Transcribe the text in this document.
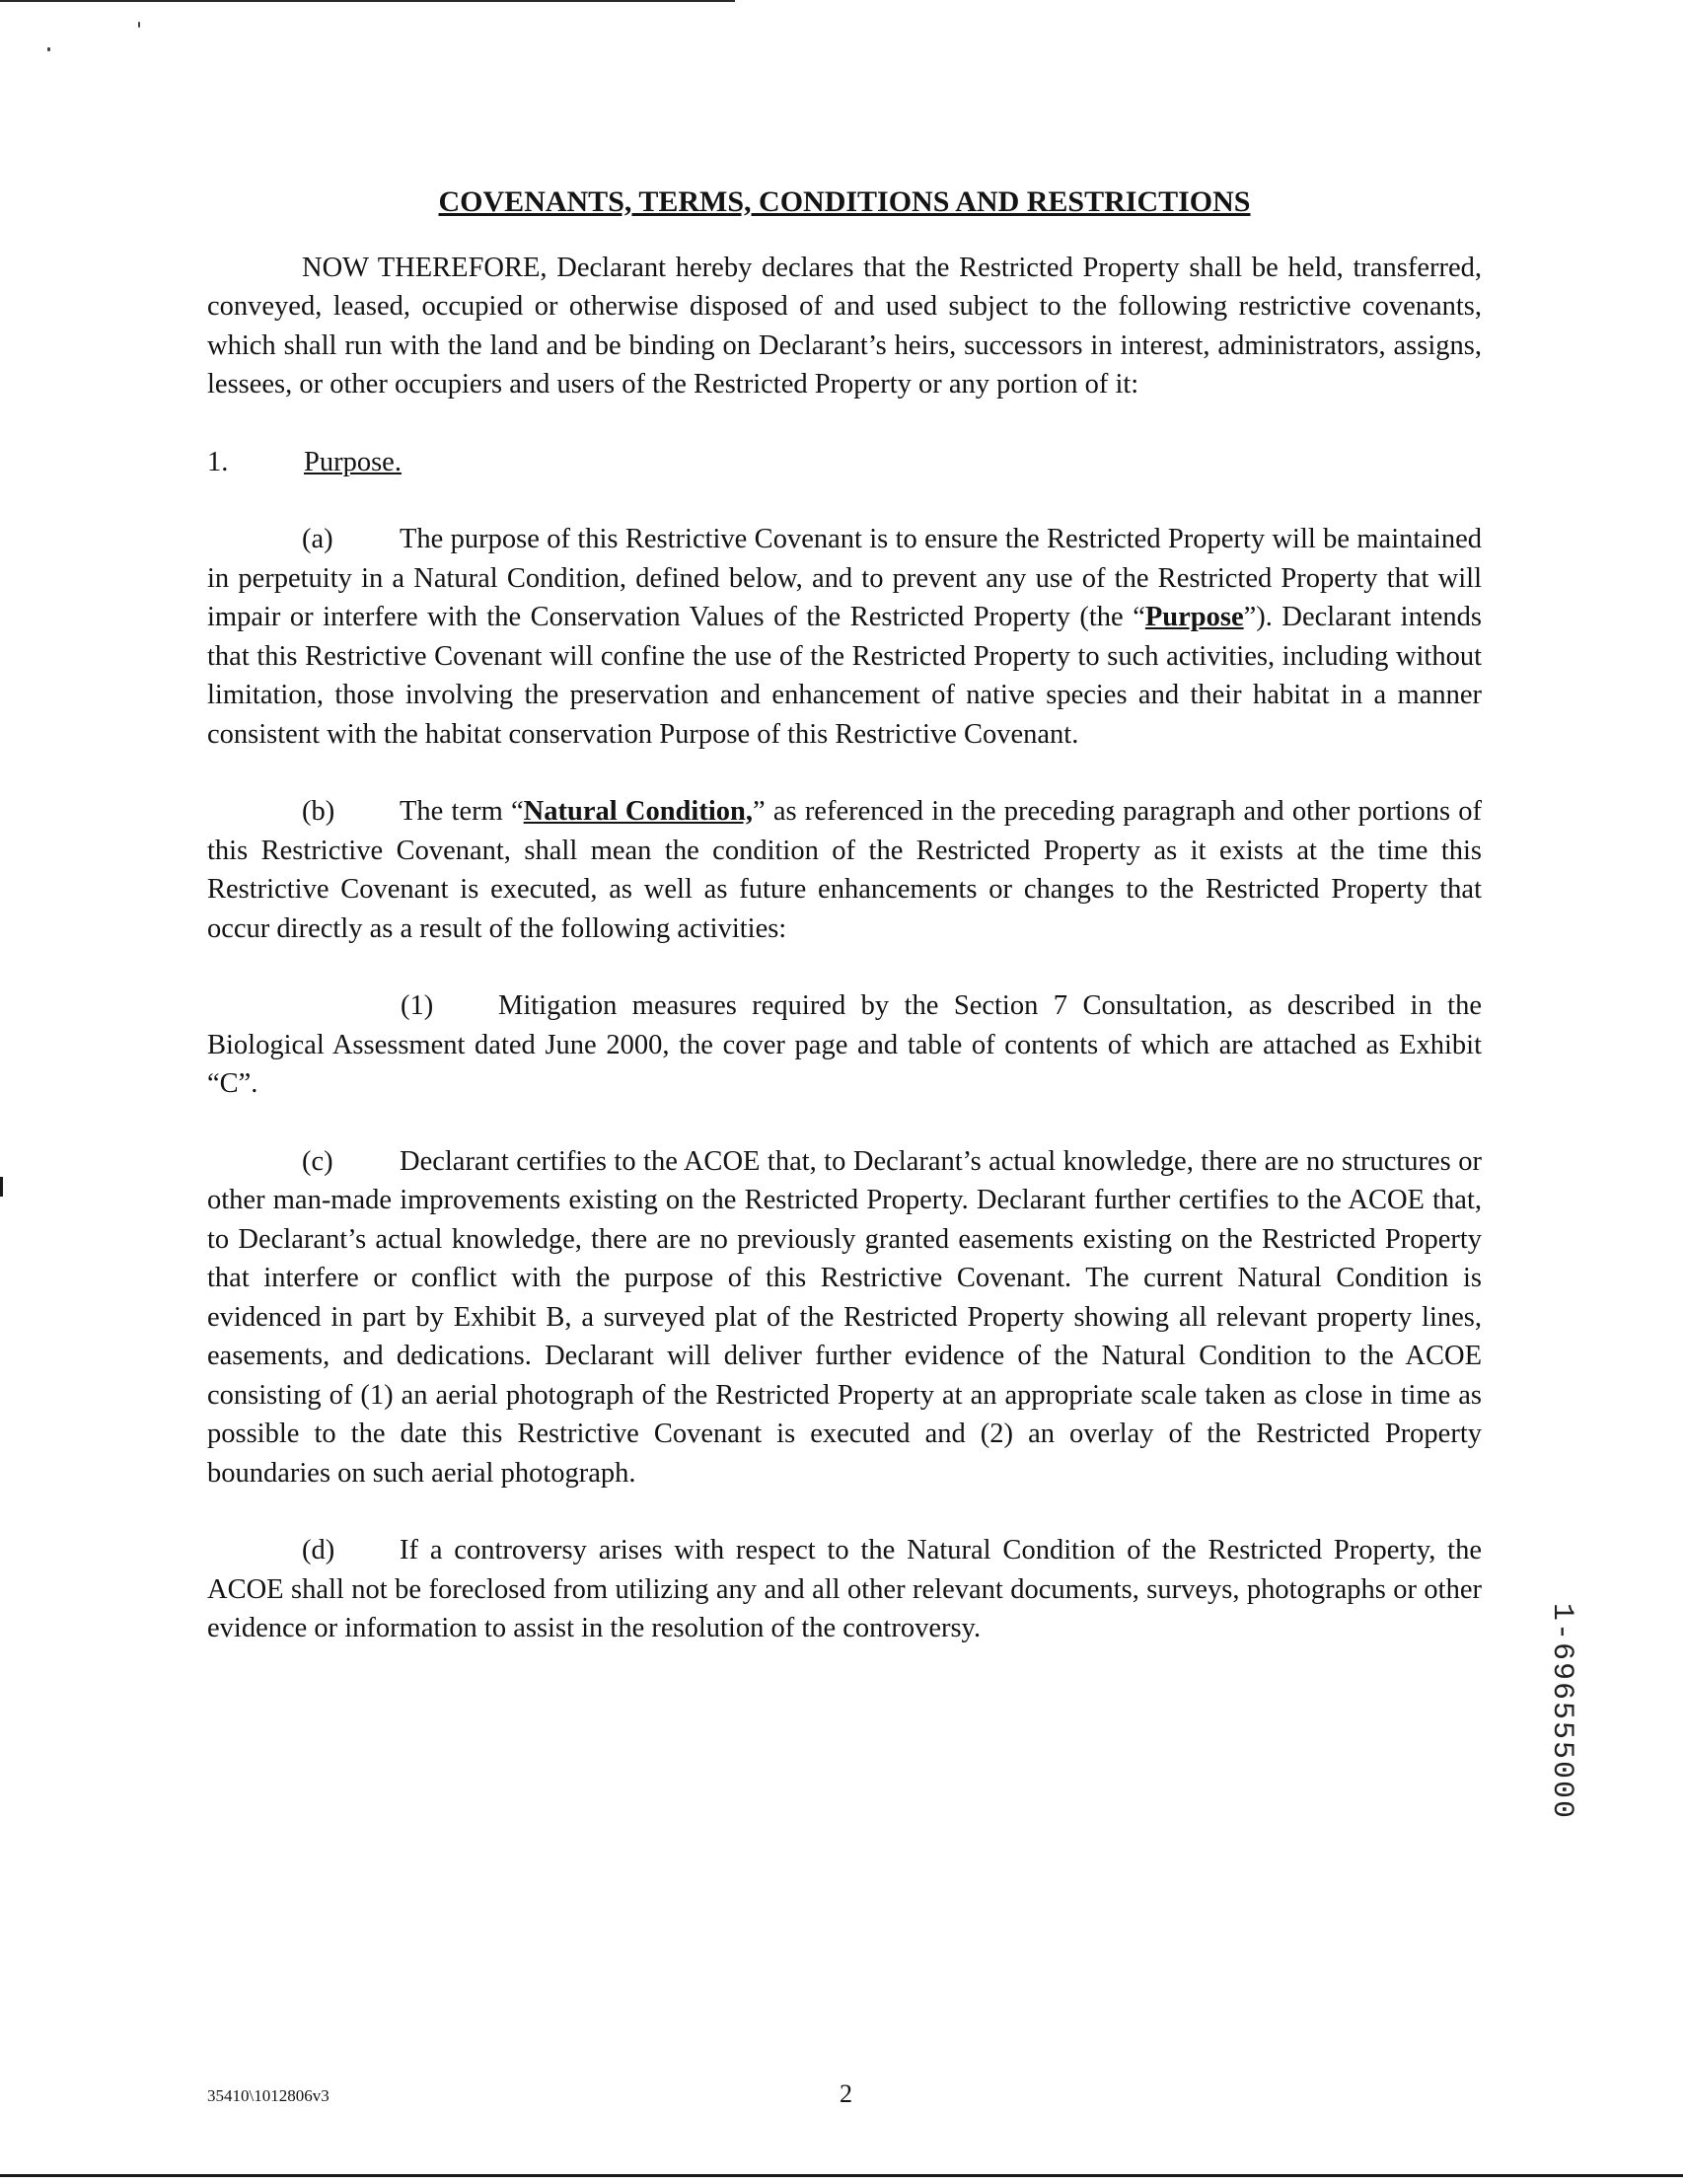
COVENANTS, TERMS, CONDITIONS AND RESTRICTIONS

NOW THEREFORE, Declarant hereby declares that the Restricted Property shall be held, transferred, conveyed, leased, occupied or otherwise disposed of and used subject to the following restrictive covenants, which shall run with the land and be binding on Declarant’s heirs, successors in interest, administrators, assigns, lessees, or other occupiers and users of the Restricted Property or any portion of it:

1.	Purpose.

(a) The purpose of this Restrictive Covenant is to ensure the Restricted Property will be maintained in perpetuity in a Natural Condition, defined below, and to prevent any use of the Restricted Property that will impair or interfere with the Conservation Values of the Restricted Property (the “Purpose”). Declarant intends that this Restrictive Covenant will confine the use of the Restricted Property to such activities, including without limitation, those involving the preservation and enhancement of native species and their habitat in a manner consistent with the habitat conservation Purpose of this Restrictive Covenant.

(b) The term “Natural Condition,” as referenced in the preceding paragraph and other portions of this Restrictive Covenant, shall mean the condition of the Restricted Property as it exists at the time this Restrictive Covenant is executed, as well as future enhancements or changes to the Restricted Property that occur directly as a result of the following activities:

(1) Mitigation measures required by the Section 7 Consultation, as described in the Biological Assessment dated June 2000, the cover page and table of contents of which are attached as Exhibit “C”.

(c) Declarant certifies to the ACOE that, to Declarant’s actual knowledge, there are no structures or other man-made improvements existing on the Restricted Property. Declarant further certifies to the ACOE that, to Declarant’s actual knowledge, there are no previously granted easements existing on the Restricted Property that interfere or conflict with the purpose of this Restrictive Covenant. The current Natural Condition is evidenced in part by Exhibit B, a surveyed plat of the Restricted Property showing all relevant property lines, easements, and dedications. Declarant will deliver further evidence of the Natural Condition to the ACOE consisting of (1) an aerial photograph of the Restricted Property at an appropriate scale taken as close in time as possible to the date this Restrictive Covenant is executed and (2) an overlay of the Restricted Property boundaries on such aerial photograph.

(d) If a controversy arises with respect to the Natural Condition of the Restricted Property, the ACOE shall not be foreclosed from utilizing any and all other relevant documents, surveys, photographs or other evidence or information to assist in the resolution of the controversy.	1-696555000
35410\1012806v3	2
